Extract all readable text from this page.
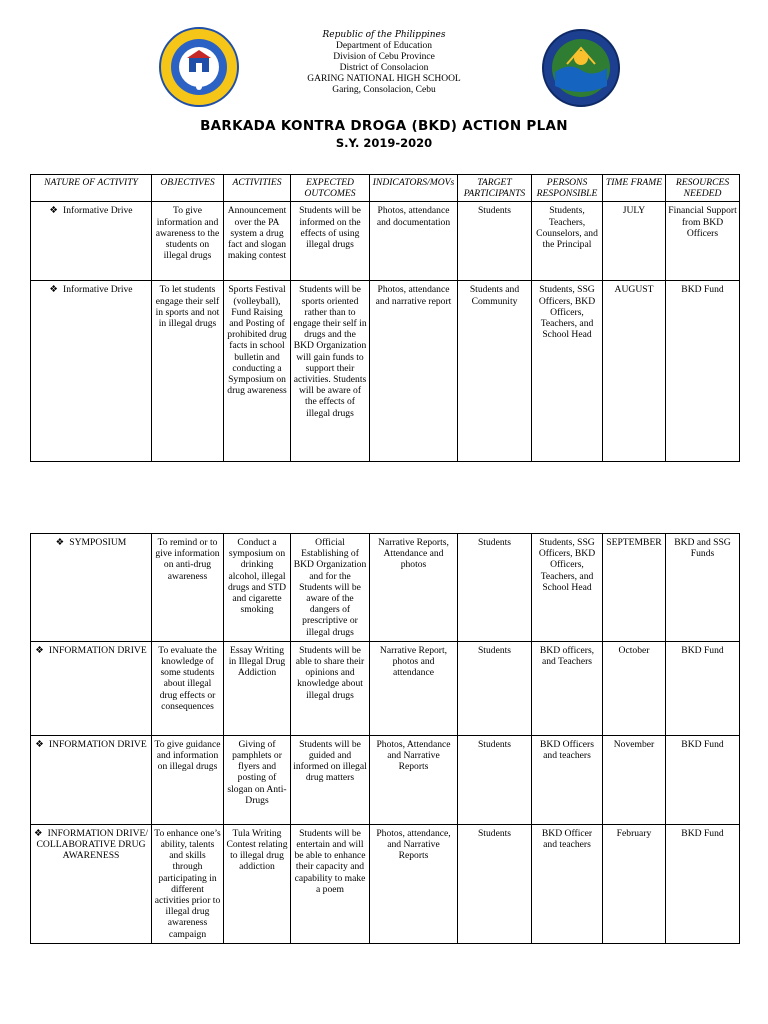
Republic of the Philippines
Department of Education
Division of Cebu Province
District of Consolacion
GARING NATIONAL HIGH SCHOOL
Garing, Consolacion, Cebu
BARKADA KONTRA DROGA (BKD) ACTION PLAN
S.Y. 2019-2020
NATURE OF ACTIVITY	OBJECTIVES	ACTIVITIES	EXPECTED OUTCOMES	INDICATORS/MOVs	TARGET PARTICIPANTS	PERSONS RESPONSIBLE	TIME FRAME	RESOURCES NEEDED
❖ Informative Drive	To give information and awareness to the students on illegal drugs	Announcement over the PA system a drug fact and slogan making contest	Students will be informed on the effects of using illegal drugs	Photos, attendance and documentation	Students	Students, Teachers, Counselors, and the Principal	JULY	Financial Support from BKD Officers
❖ Informative Drive	To let students engage their self in sports and not in illegal drugs	Sports Festival (volleyball), Fund Raising and Posting of prohibited drug facts in school bulletin and conducting a Symposium on drug awareness	Students will be sports oriented rather than to engage their self in drugs and the BKD Organization will gain funds to support their activities. Students will be aware of the effects of illegal drugs	Photos, attendance and narrative report	Students and Community	Students, SSG Officers, BKD Officers, Teachers, and School Head	AUGUST	BKD Fund
❖ SYMPOSIUM	To remind or to give information on anti-drug awareness	Conduct a symposium on drinking alcohol, illegal drugs and STD and cigarette smoking	Official Establishing of BKD Organization and for the Students will be aware of the dangers of prescriptive or illegal drugs	Narrative Reports, Attendance and photos	Students	Students, SSG Officers, BKD Officers, Teachers, and School Head	SEPTEMBER	BKD and SSG Funds
❖ INFORMATION DRIVE	To evaluate the knowledge of some students about illegal drug effects or consequences	Essay Writing in Illegal Drug Addiction	Students will be able to share their opinions and knowledge about illegal drugs	Narrative Report, photos and attendance	Students	BKD officers, and Teachers	October	BKD Fund
❖ INFORMATION DRIVE	To give guidance and information on illegal drugs	Giving of pamphlets or flyers and posting of slogan on Anti-Drugs	Students will be guided and informed on illegal drug matters	Photos, Attendance and Narrative Reports	Students	BKD Officers and teachers	November	BKD Fund
❖ INFORMATION DRIVE/ COLLABORATIVE DRUG AWARENESS	To enhance one’s ability, talents and skills through participating in different activities prior to illegal drug awareness campaign	Tula Writing Contest relating to illegal drug addiction	Students will be entertain and will be able to enhance their capacity and capability to make a poem	Photos, attendance, and Narrative Reports	Students	BKD Officer and teachers	February	BKD Fund
